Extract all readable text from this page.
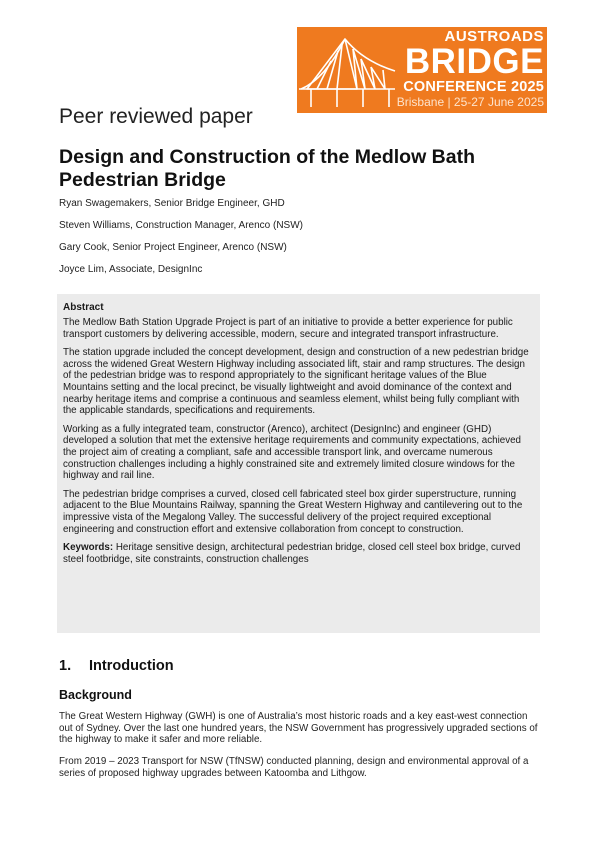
AUSTROADS
BRIDGE
CONFERENCE 2025
Brisbane | 25-27 June 2025
Peer reviewed paper
Design and Construction of the Medlow Bath Pedestrian Bridge
Ryan Swagemakers, Senior Bridge Engineer, GHD
Steven Williams, Construction Manager, Arenco (NSW)
Gary Cook, Senior Project Engineer, Arenco (NSW)
Joyce Lim, Associate, DesignInc
Abstract

The Medlow Bath Station Upgrade Project is part of an initiative to provide a better experience for public transport customers by delivering accessible, modern, secure and integrated transport infrastructure.

The station upgrade included the concept development, design and construction of a new pedestrian bridge across the widened Great Western Highway including associated lift, stair and ramp structures. The design of the pedestrian bridge was to respond appropriately to the significant heritage values of the Blue Mountains setting and the local precinct, be visually lightweight and avoid dominance of the context and nearby heritage items and comprise a continuous and seamless element, whilst being fully compliant with the applicable standards, specifications and requirements.

Working as a fully integrated team, constructor (Arenco), architect (DesignInc) and engineer (GHD) developed a solution that met the extensive heritage requirements and community expectations, achieved the project aim of creating a compliant, safe and accessible transport link, and overcame numerous construction challenges including a highly constrained site and extremely limited closure windows for the highway and rail line.

The pedestrian bridge comprises a curved, closed cell fabricated steel box girder superstructure, running adjacent to the Blue Mountains Railway, spanning the Great Western Highway and cantilevering out to the impressive vista of the Megalong Valley. The successful delivery of the project required exceptional engineering and construction effort and extensive collaboration from concept to construction.

Keywords: Heritage sensitive design, architectural pedestrian bridge, closed cell steel box bridge, curved steel footbridge, site constraints, construction challenges
1. Introduction
Background

The Great Western Highway (GWH) is one of Australia’s most historic roads and a key east-west connection out of Sydney. Over the last one hundred years, the NSW Government has progressively upgraded sections of the highway to make it safer and more reliable.

From 2019 – 2023 Transport for NSW (TfNSW) conducted planning, design and environmental approval of a series of proposed highway upgrades between Katoomba and Lithgow.
